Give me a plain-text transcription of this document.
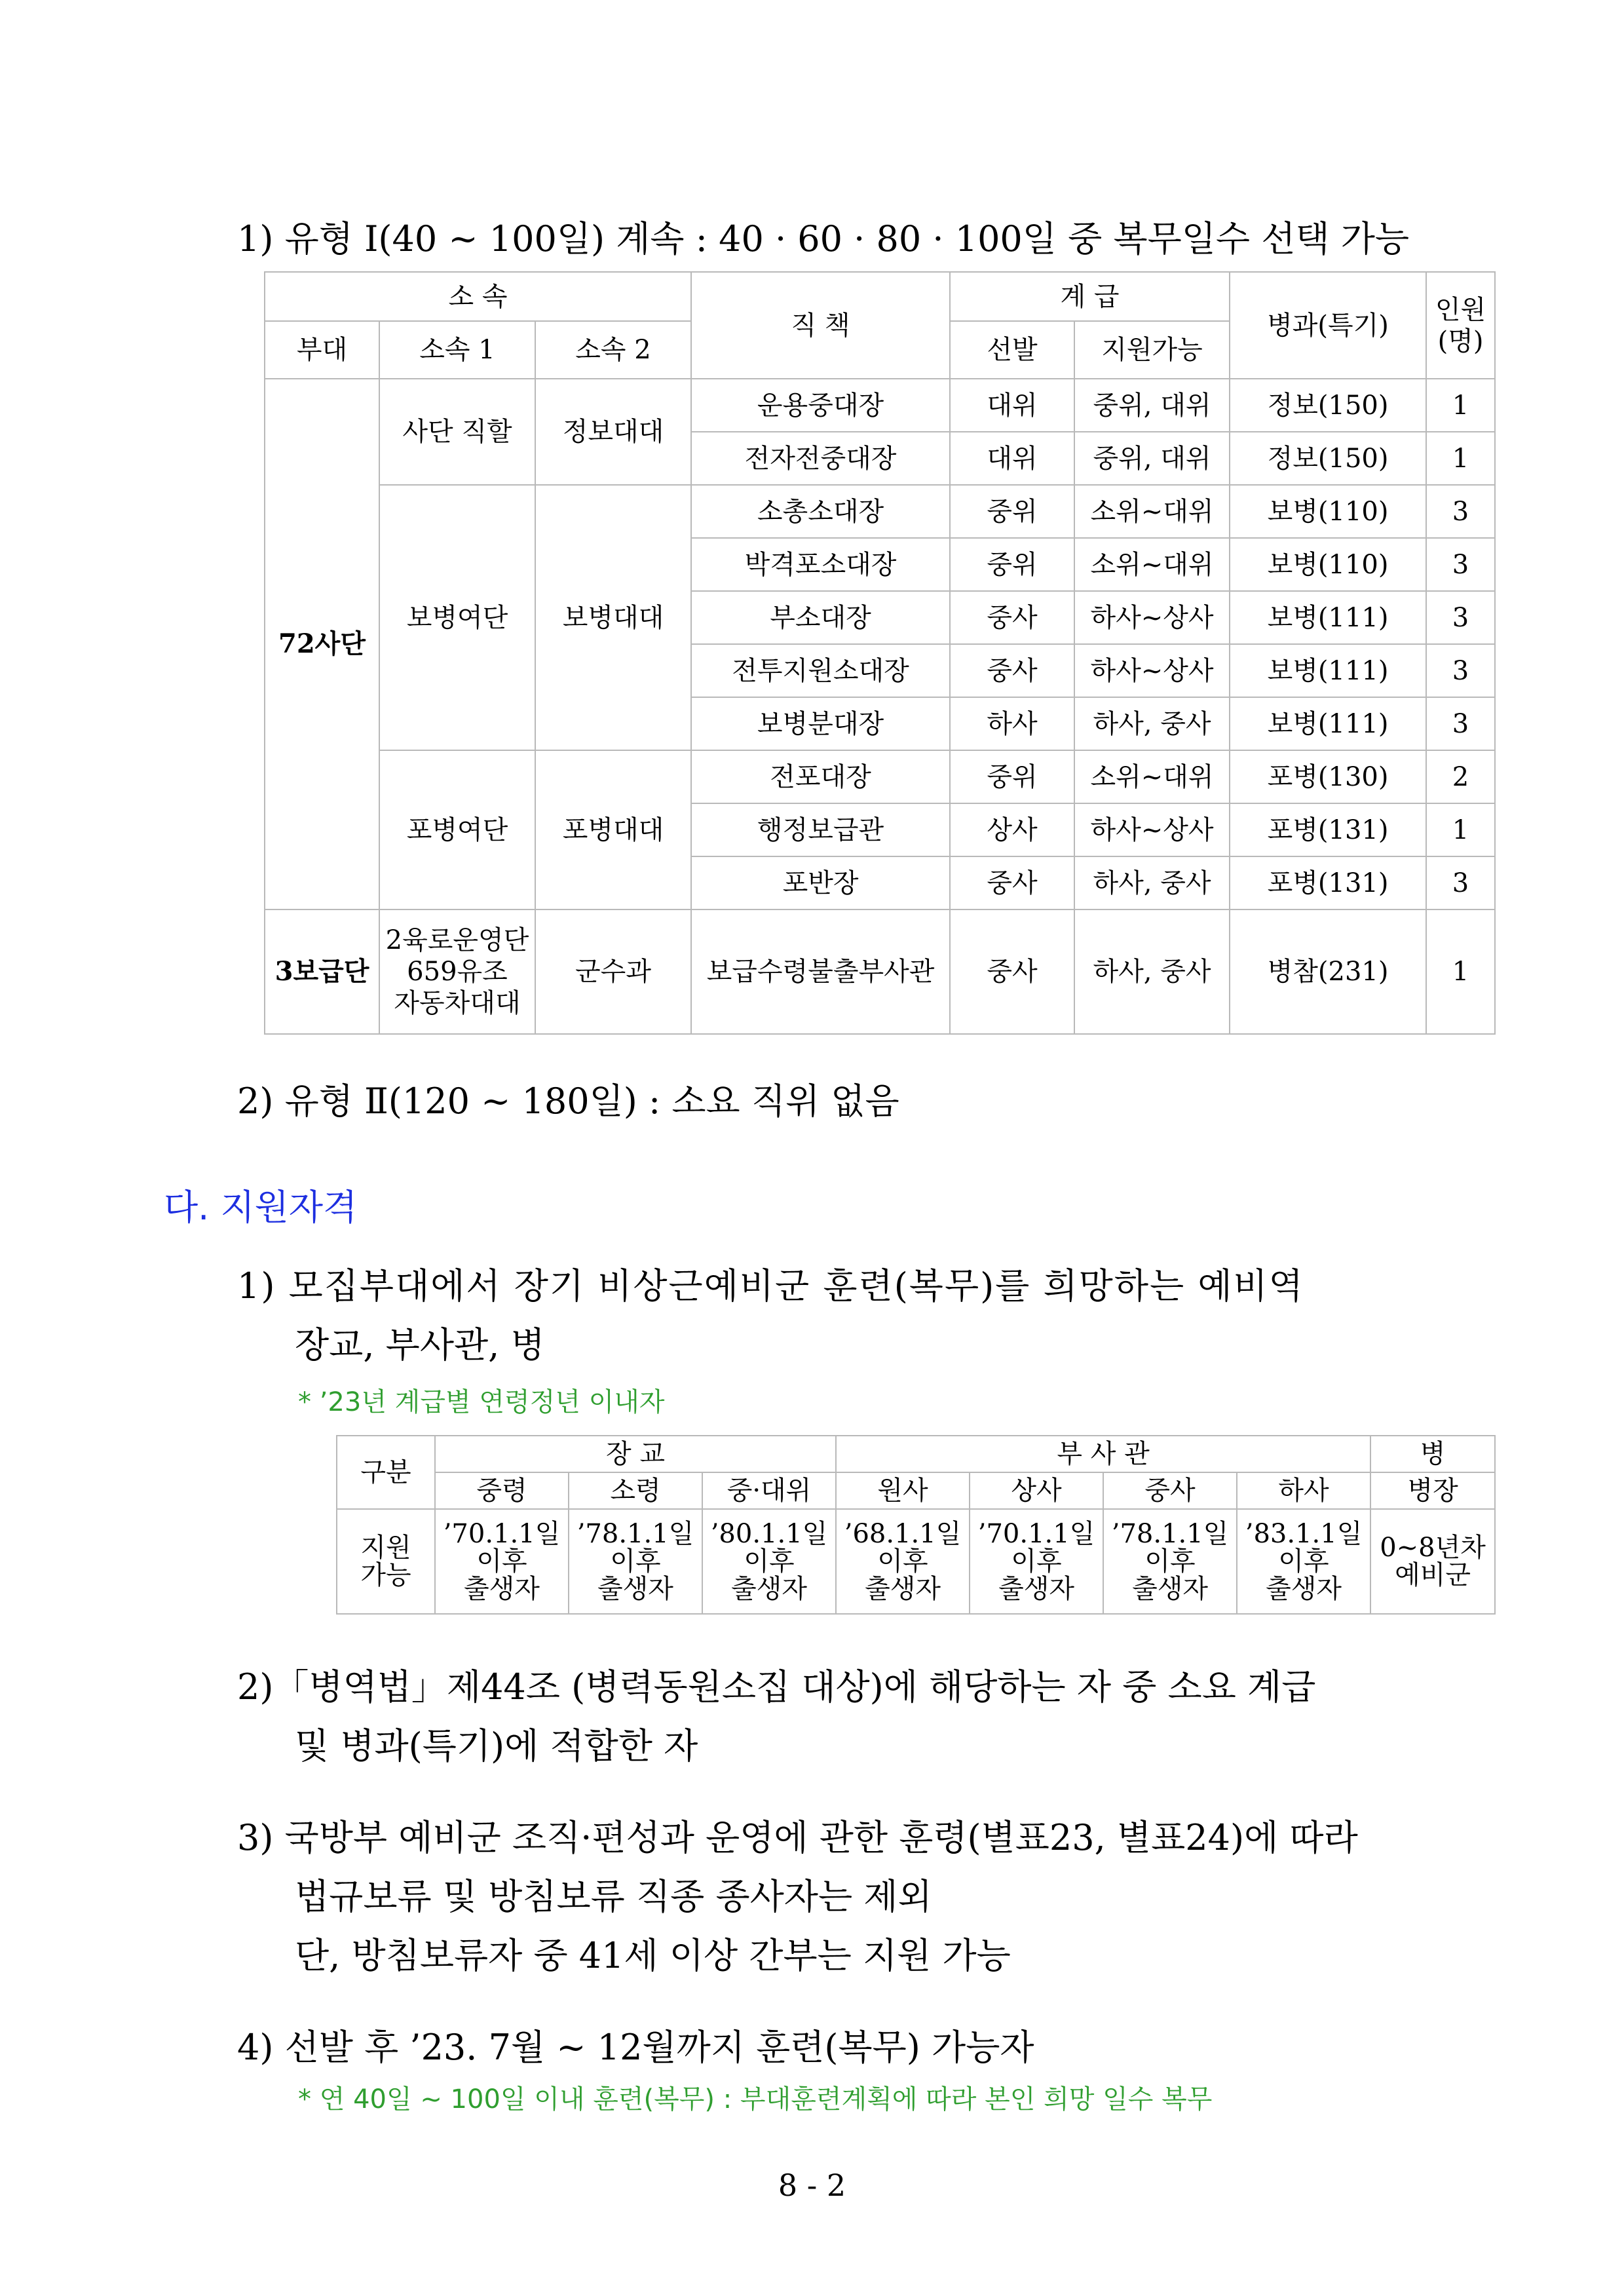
1) 유형 Ⅰ(40 ~ 100일) 계속 : 40 · 60 · 80 · 100일 중 복무일수 선택 가능
소 속			직 책	계 급		병과(특기)	인원
(명)
부대	소속 1	소속 2		선발	지원가능		
72사단	사단 직할	정보대대	운용중대장	대위	중위, 대위	정보(150)	1
			전자전중대장	대위	중위, 대위	정보(150)	1
	보병여단	보병대대	소총소대장	중위	소위~대위	보병(110)	3
			박격포소대장	중위	소위~대위	보병(110)	3
			부소대장	중사	하사~상사	보병(111)	3
			전투지원소대장	중사	하사~상사	보병(111)	3
			보병분대장	하사	하사, 중사	보병(111)	3
	포병여단	포병대대	전포대장	중위	소위~대위	포병(130)	2
			행정보급관	상사	하사~상사	포병(131)	1
			포반장	중사	하사, 중사	포병(131)	3
3보급단	2육로운영단
659유조
자동차대대	군수과	보급수령불출부사관	중사	하사, 중사	병참(231)	1
2) 유형 Ⅱ(120 ~ 180일) : 소요 직위 없음
다. 지원자격
1) 모집부대에서 장기 비상근예비군 훈련(복무)를 희망하는 예비역
장교, 부사관, 병
* ’23년 계급별 연령정년 이내자
구분	장 교			부 사 관				병
	중령	소령	중·대위	원사	상사	중사	하사	병장
지원
가능	’70.1.1일
이후
출생자	’78.1.1일
이후
출생자	’80.1.1일
이후
출생자	’68.1.1일
이후
출생자	’70.1.1일
이후
출생자	’78.1.1일
이후
출생자	’83.1.1일
이후
출생자	0~8년차
예비군
2)「병역법」제44조 (병력동원소집 대상)에 해당하는 자 중 소요 계급
및 병과(특기)에 적합한 자
3) 국방부 예비군 조직·편성과 운영에 관한 훈령(별표23, 별표24)에 따라
법규보류 및 방침보류 직종 종사자는 제외
단, 방침보류자 중 41세 이상 간부는 지원 가능
4) 선발 후 ’23. 7월 ~ 12월까지 훈련(복무) 가능자
* 연 40일 ~ 100일 이내 훈련(복무) : 부대훈련계획에 따라 본인 희망 일수 복무
8 - 2
